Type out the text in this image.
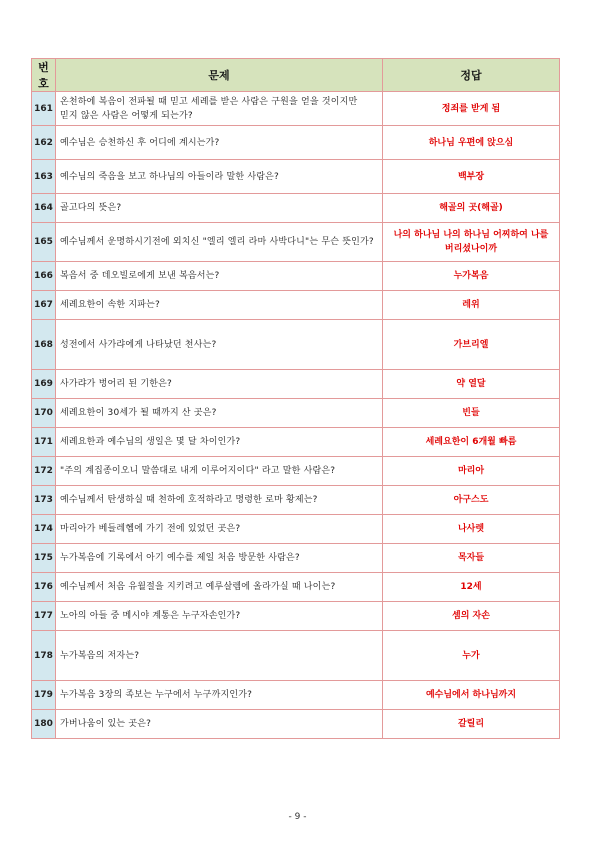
번호	문제	정답
161	온천하에 복음이 전파될 때 믿고 세례를 받은 사람은 구원을 얻을 것이지만 믿지 않은 사람은 어떻게 되는가?	정죄를 받게 됨
162	예수님은 승천하신 후 어디에 계시는가?	하나님 우편에 앉으심
163	예수님의 죽음을 보고 하나님의 아들이라 말한 사람은?	백부장
164	골고다의 뜻은?	해골의 곳(해골)
165	예수님께서 운명하시기전에 외치신 "엘리 엘리 라마 사박다니"는 무슨 뜻인가?	나의 하나님 나의 하나님 어찌하여 나를 버리셨나이까
166	복음서 중 데오빌로에게 보낸 복음서는?	누가복음
167	세례요한이 속한 지파는?	레위
168	성전에서 사가랴에게 나타났던 천사는?	가브리엘
169	사가랴가 벙어리 된 기한은?	약 열달
170	세례요한이 30세가 될 때까지 산 곳은?	빈들
171	세례요한과 예수님의 생일은 몇 달 차이인가?	세례요한이 6개월 빠름
172	"주의 계집종이오니 말씀대로 내게 이루어지이다" 라고 말한 사람은?	마리아
173	예수님께서 탄생하실 때 천하에 호적하라고 명령한 로마 황제는?	아구스도
174	마리아가 베들레헴에 가기 전에 있었던 곳은?	나사렛
175	누가복음에 기록에서 아기 예수를 제일 처음 방문한 사람은?	목자들
176	예수님께서 처음 유월절을 지키려고 예루살렘에 올라가실 때 나이는?	12세
177	노아의 아들 중 메시야 계통은 누구자손인가?	셈의 자손
178	누가복음의 저자는?	누가
179	누가복음 3장의 족보는 누구에서 누구까지인가?	예수님에서 하나님까지
180	가버나움이 있는 곳은?	갈릴리
- 9 -
